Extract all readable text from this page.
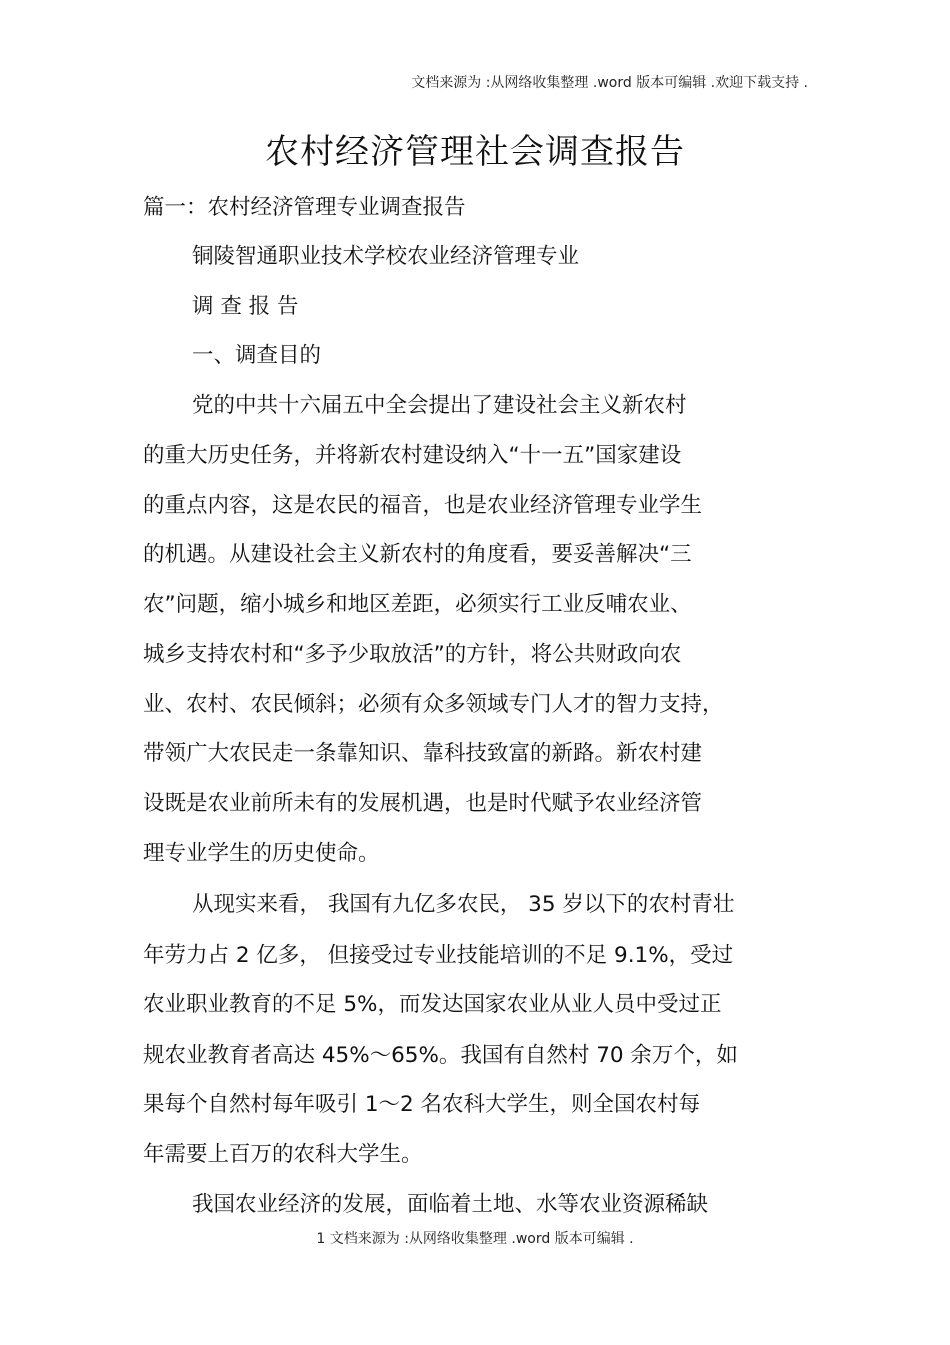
文档来源为 :从网络收集整理 .word 版本可编辑 .欢迎下载支持 .
农村经济管理社会调查报告
篇一：农村经济管理专业调查报告
铜陵智通职业技术学校农业经济管理专业
调 查 报 告
一、调查目的
党的中共十六届五中全会提出了建设社会主义新农村
的重大历史任务，并将新农村建设纳入“十一五”国家建设
的重点内容，这是农民的福音，也是农业经济管理专业学生
的机遇。从建设社会主义新农村的角度看，要妥善解决“三
农”问题，缩小城乡和地区差距，必须实行工业反哺农业、
城乡支持农村和“多予少取放活”的方针，将公共财政向农
业、农村、农民倾斜；必须有众多领域专门人才的智力支持，
带领广大农民走一条靠知识、靠科技致富的新路。新农村建
设既是农业前所未有的发展机遇，也是时代赋予农业经济管
理专业学生的历史使命。
从现实来看， 我国有九亿多农民， 35 岁以下的农村青壮
年劳力占 2 亿多， 但接受过专业技能培训的不足 9.1%，受过
农业职业教育的不足 5%，而发达国家农业从业人员中受过正
规农业教育者高达 45%～65%。我国有自然村 70 余万个，如
果每个自然村每年吸引 1～2 名农科大学生，则全国农村每
年需要上百万的农科大学生。
我国农业经济的发展，面临着土地、水等农业资源稀缺
1 文档来源为 :从网络收集整理 .word 版本可编辑 .
